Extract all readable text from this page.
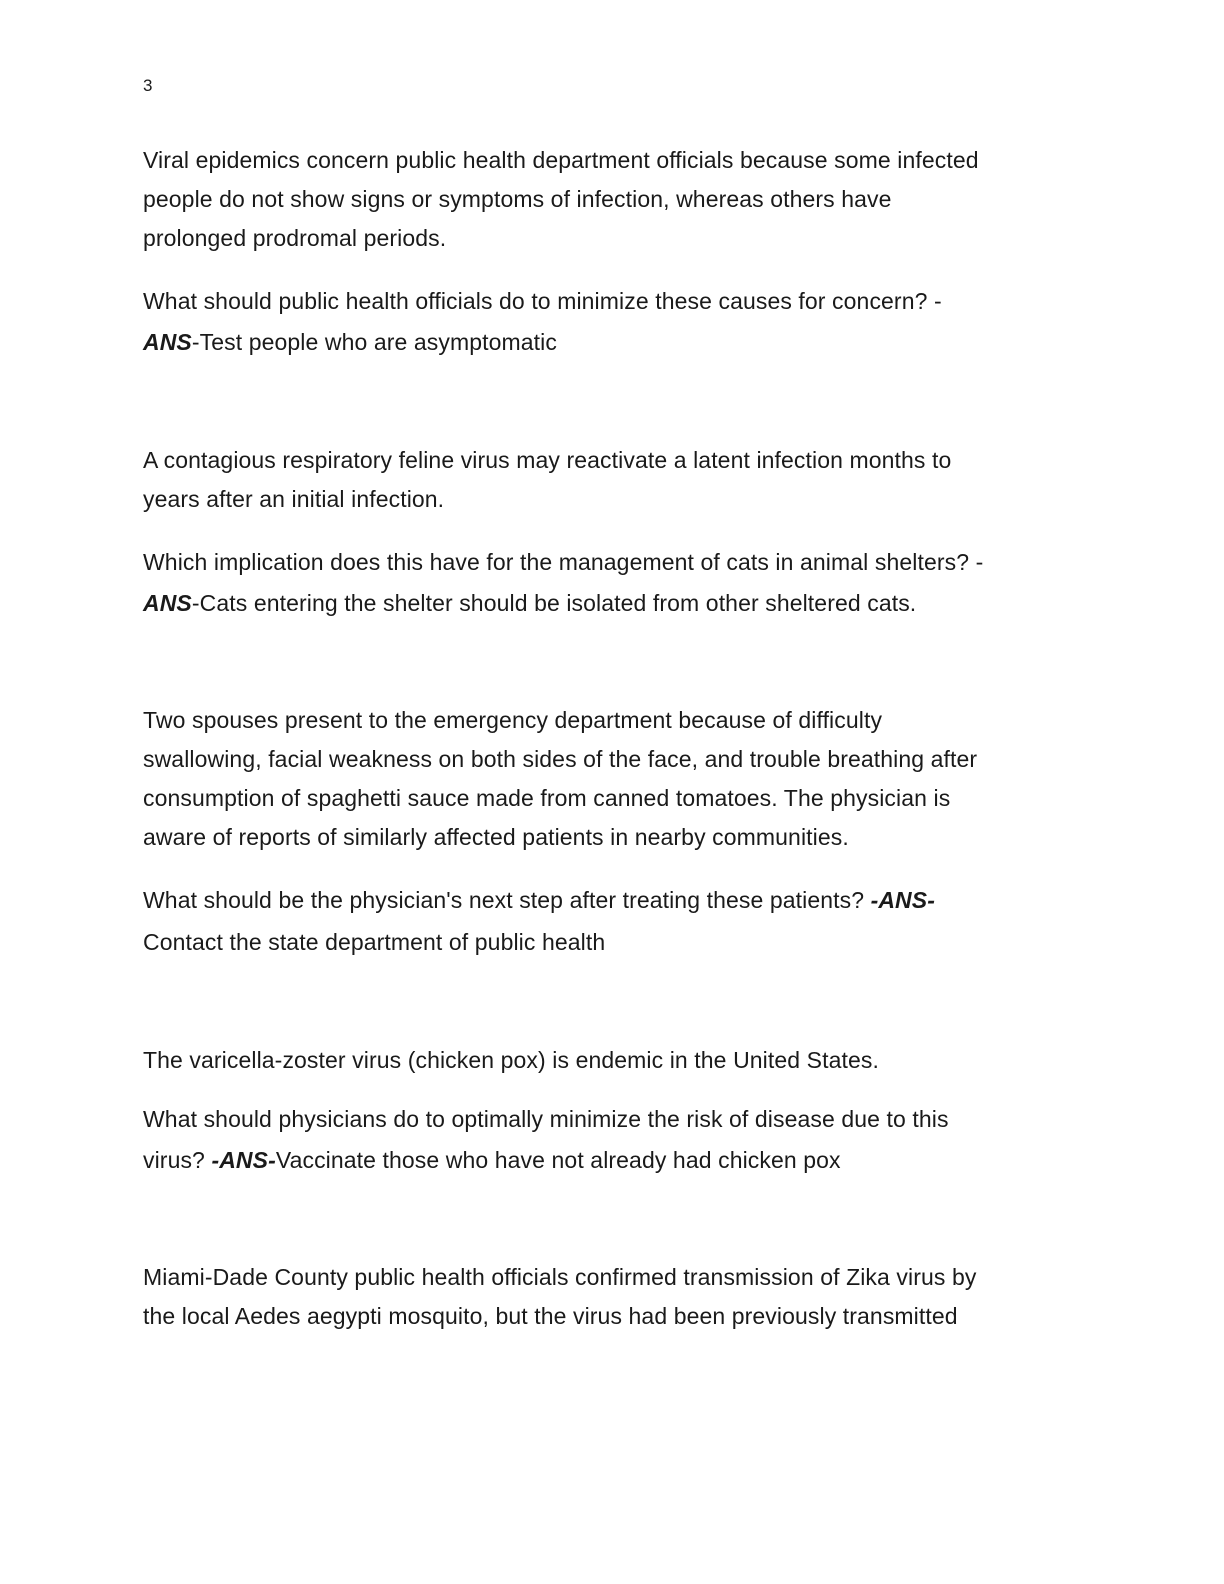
3
Viral epidemics concern public health department officials because some infected
people do not show signs or symptoms of infection, whereas others have
prolonged prodromal periods.
What should public health officials do to minimize these causes for concern? -
ANS-Test people who are asymptomatic
A contagious respiratory feline virus may reactivate a latent infection months to
years after an initial infection.
Which implication does this have for the management of cats in animal shelters? -
ANS-Cats entering the shelter should be isolated from other sheltered cats.
Two spouses present to the emergency department because of difficulty
swallowing, facial weakness on both sides of the face, and trouble breathing after
consumption of spaghetti sauce made from canned tomatoes. The physician is
aware of reports of similarly affected patients in nearby communities.
What should be the physician's next step after treating these patients? -ANS-
Contact the state department of public health
The varicella-zoster virus (chicken pox) is endemic in the United States.
What should physicians do to optimally minimize the risk of disease due to this
virus? -ANS-Vaccinate those who have not already had chicken pox
Miami-Dade County public health officials confirmed transmission of Zika virus by
the local Aedes aegypti mosquito, but the virus had been previously transmitted
